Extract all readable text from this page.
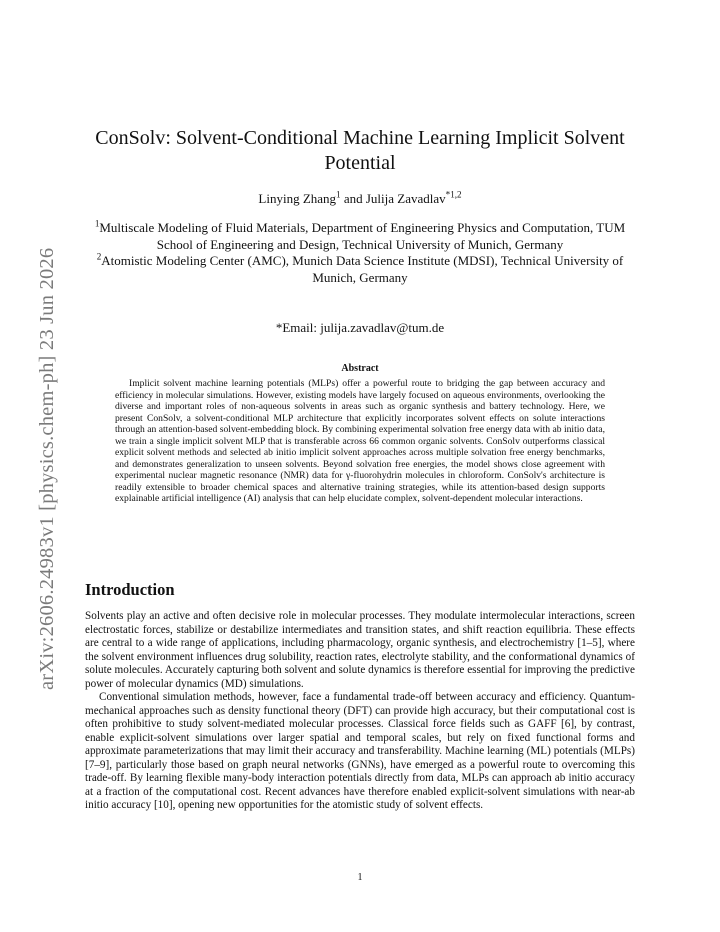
arXiv:2606.24983v1 [physics.chem-ph] 23 Jun 2026
ConSolv: Solvent-Conditional Machine Learning Implicit Solvent Potential
Linying Zhang$^1$ and Julija Zavadlav$^{*1,2}$

$^1$Multiscale Modeling of Fluid Materials, Department of Engineering Physics and Computation, TUM School of Engineering and Design, Technical University of Munich, Germany

$^2$Atomistic Modeling Center (AMC), Munich Data Science Institute (MDSI), Technical University of Munich, Germany

*Email: julija.zavadlav@tum.de
Abstract
Implicit solvent machine learning potentials (MLPs) offer a powerful route to bridging the gap between accuracy and efficiency in molecular simulations. However, existing models have largely focused on aqueous environments, overlooking the diverse and important roles of non-aqueous solvents in areas such as organic synthesis and battery technology. Here, we present ConSolv, a solvent-conditional MLP architecture that explicitly incorporates solvent effects on solute interactions through an attention-based solvent-embedding block. By combining experimental solvation free energy data with ab initio data, we train a single implicit solvent MLP that is transferable across 66 common organic solvents. ConSolv outperforms classical explicit solvent methods and selected ab initio implicit solvent approaches across multiple solvation free energy benchmarks, and demonstrates generalization to unseen solvents. Beyond solvation free energies, the model shows close agreement with experimental nuclear magnetic resonance (NMR) data for γ-fluorohydrin molecules in chloroform. ConSolv's architecture is readily extensible to broader chemical spaces and alternative training strategies, while its attention-based design supports explainable artificial intelligence (AI) analysis that can help elucidate complex, solvent-dependent molecular interactions.
Introduction

Solvents play an active and often decisive role in molecular processes. They modulate intermolecular interactions, screen electrostatic forces, stabilize or destabilize intermediates and transition states, and shift reaction equilibria. These effects are central to a wide range of applications, including pharmacology, organic synthesis, and electrochemistry [1–5], where the solvent environment influences drug solubility, reaction rates, electrolyte stability, and the conformational dynamics of solute molecules. Accurately capturing both solvent and solute dynamics is therefore essential for improving the predictive power of molecular dynamics (MD) simulations.

Conventional simulation methods, however, face a fundamental trade-off between accuracy and efficiency. Quantum-mechanical approaches such as density functional theory (DFT) can provide high accuracy, but their computational cost is often prohibitive to study solvent-mediated molecular processes. Classical force fields such as GAFF [6], by contrast, enable explicit-solvent simulations over larger spatial and temporal scales, but rely on fixed functional forms and approximate parameterizations that may limit their accuracy and transferability. Machine learning (ML) potentials (MLPs) [7–9], particularly those based on graph neural networks (GNNs), have emerged as a powerful route to overcoming this trade-off. By learning flexible many-body interaction potentials directly from data, MLPs can approach ab initio accuracy at a fraction of the computational cost. Recent advances have therefore enabled explicit-solvent simulations with near-ab initio accuracy [10], opening new opportunities for the atomistic study of solvent effects.

1
